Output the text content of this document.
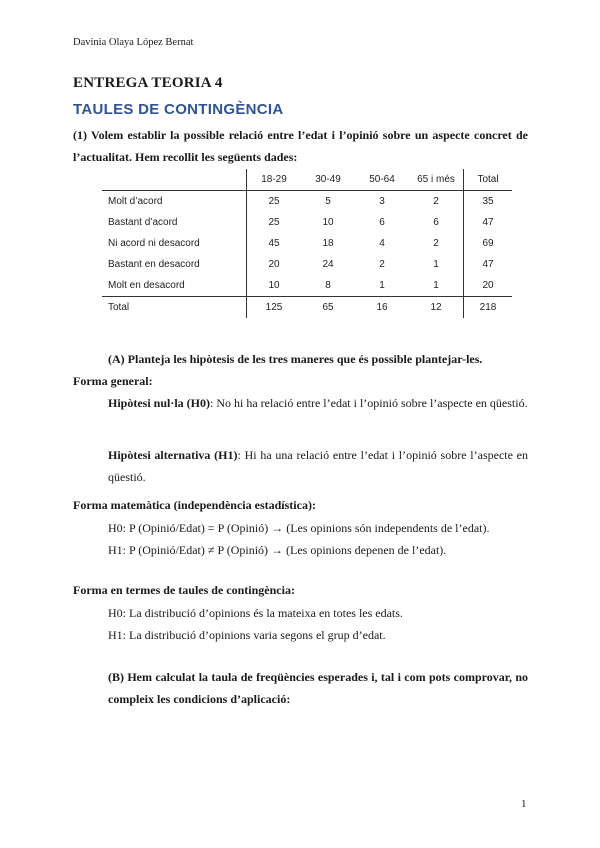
Davinia Olaya López Bernat
ENTREGA TEORIA 4
TAULES DE CONTINGÈNCIA
(1) Volem establir la possible relació entre l’edat i l’opinió sobre un aspecte concret de l’actualitat. Hem recollit les següents dades:
	18-29	30-49	50-64	65 i més	Total
Molt d’acord	25	5	3	2	35
Bastant d’acord	25	10	6	6	47
Ni acord ni desacord	45	18	4	2	69
Bastant en desacord	20	24	2	1	47
Molt en desacord	10	8	1	1	20
Total	125	65	16	12	218
(A) Planteja les hipòtesis de les tres maneres que és possible plantejar-les.
Forma general:
Hipòtesi nul·la (H0): No hi ha relació entre l’edat i l’opinió sobre l’aspecte en qüestió.
Hipòtesi alternativa (H1): Hi ha una relació entre l’edat i l’opinió sobre l’aspecte en qüestió.
Forma matemàtica (independència estadística):
H0: P (Opinió/Edat) = P (Opinió) → (Les opinions són independents de l’edat).
H1: P (Opinió/Edat) ≠ P (Opinió) → (Les opinions depenen de l’edat).
Forma en termes de taules de contingència:
H0: La distribució d’opinions és la mateixa en totes les edats.
H1: La distribució d’opinions varia segons el grup d’edat.
(B) Hem calculat la taula de freqüències esperades i, tal i com pots comprovar, no compleix les condicions d’aplicació:
1
